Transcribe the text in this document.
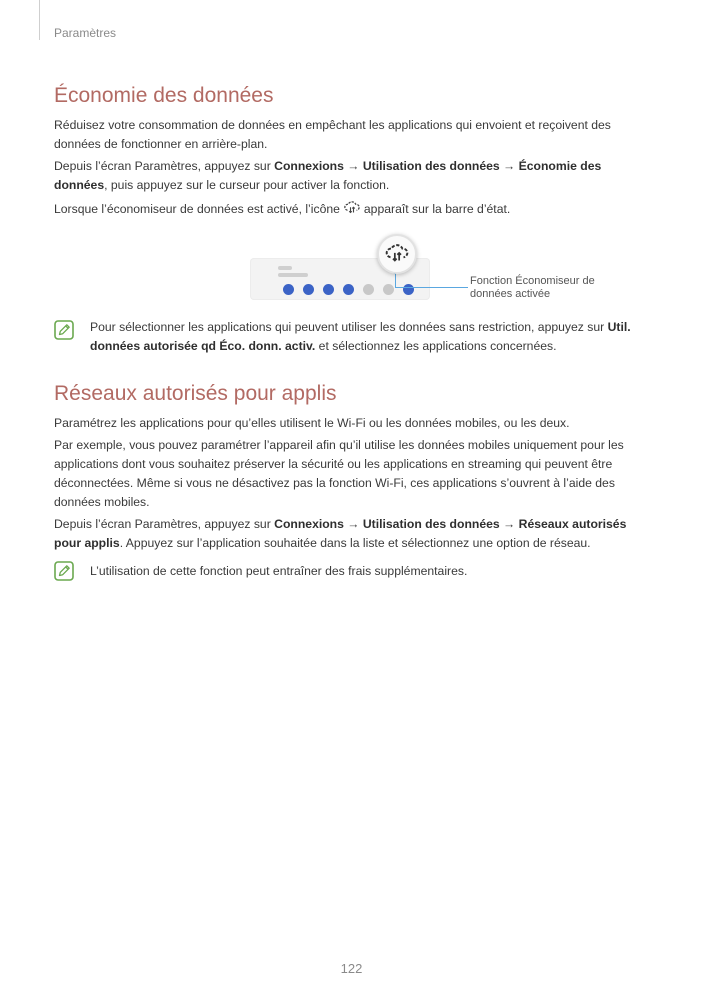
Paramètres
Économie des données

Réduisez votre consommation de données en empêchant les applications qui envoient et reçoivent des données de fonctionner en arrière-plan.

Depuis l’écran Paramètres, appuyez sur Connexions → Utilisation des données → Économie des données, puis appuyez sur le curseur pour activer la fonction.

Lorsque l’économiseur de données est activé, l’icône apparaît sur la barre d’état.

Fonction Économiseur de données activée

Pour sélectionner les applications qui peuvent utiliser les données sans restriction, appuyez sur Util. données autorisée qd Éco. donn. activ. et sélectionnez les applications concernées.

Réseaux autorisés pour applis

Paramétrez les applications pour qu’elles utilisent le Wi-Fi ou les données mobiles, ou les deux.

Par exemple, vous pouvez paramétrer l’appareil afin qu’il utilise les données mobiles uniquement pour les applications dont vous souhaitez préserver la sécurité ou les applications en streaming qui peuvent être déconnectées. Même si vous ne désactivez pas la fonction Wi-Fi, ces applications s’ouvrent à l’aide des données mobiles.

Depuis l’écran Paramètres, appuyez sur Connexions → Utilisation des données → Réseaux autorisés pour applis. Appuyez sur l’application souhaitée dans la liste et sélectionnez une option de réseau.

L’utilisation de cette fonction peut entraîner des frais supplémentaires.

122
